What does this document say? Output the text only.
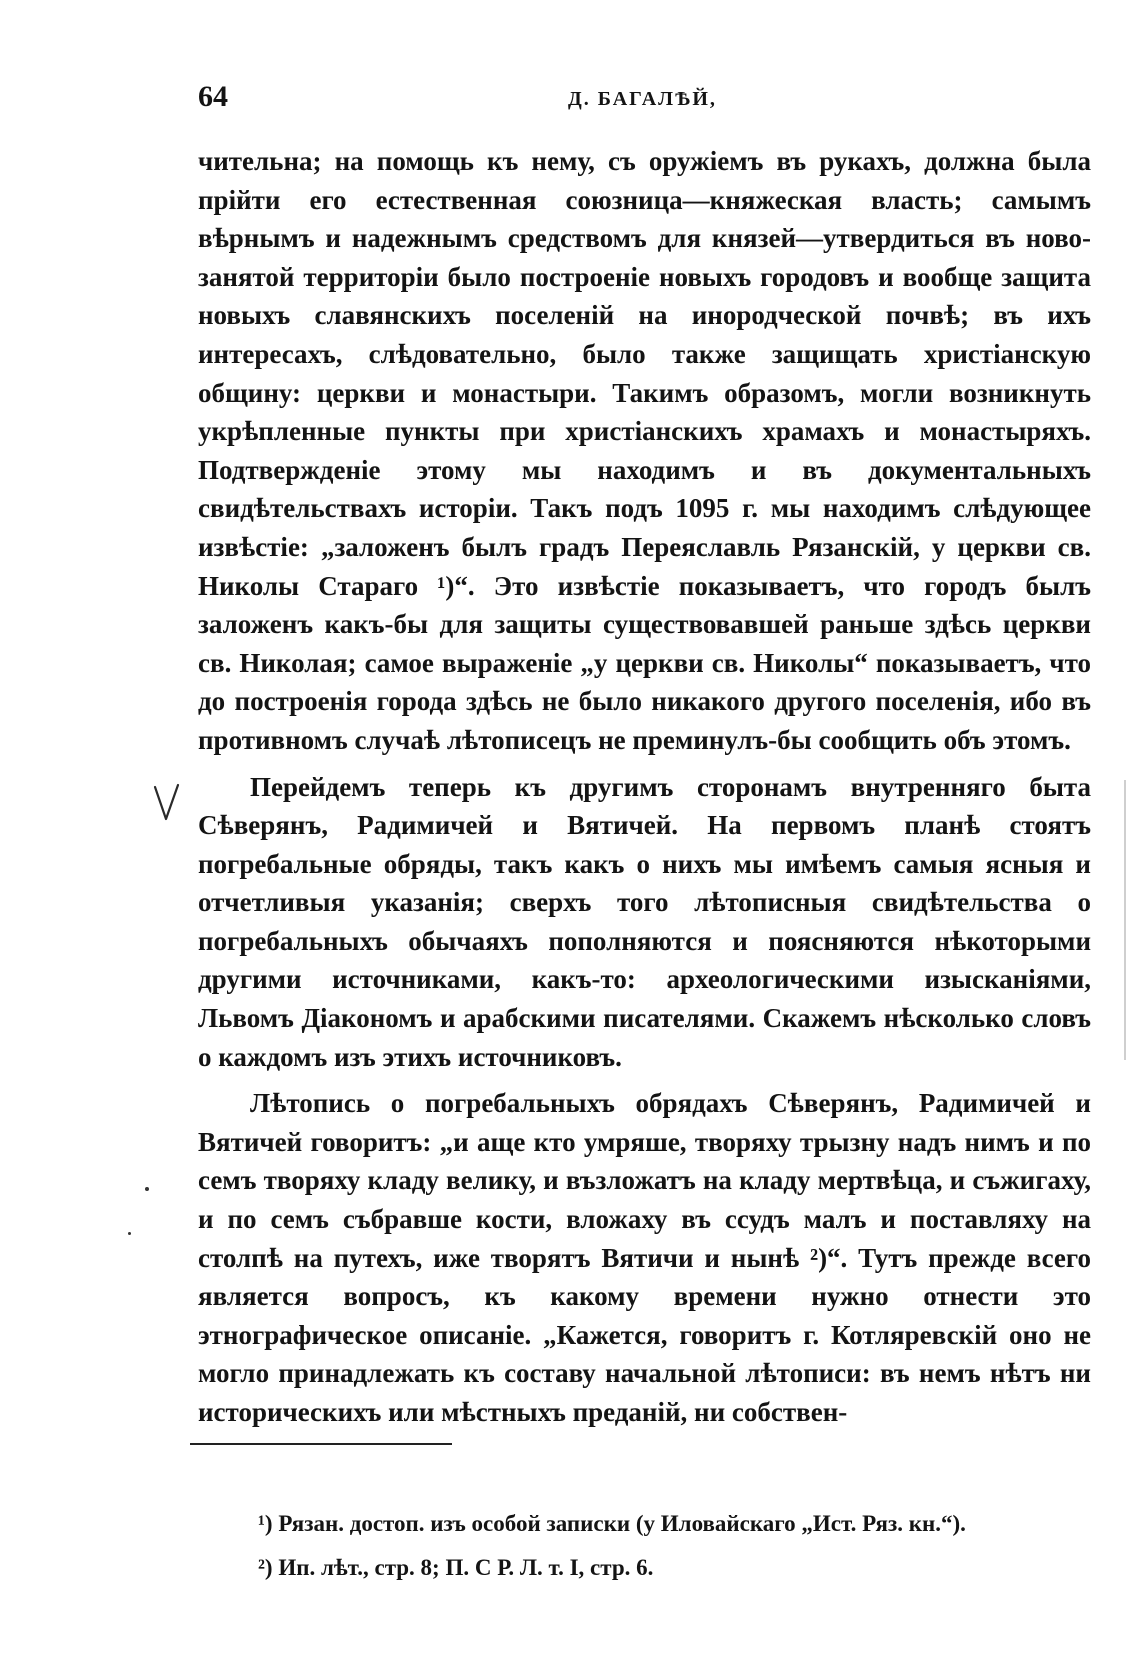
64	Д. БАГАЛѢЙ,

чительна; на помощь къ нему, съ оружіемъ въ рукахъ, должна была прійти его естественная союзница—княжеская власть; самымъ вѣрнымъ и надежнымъ средствомъ для князей—утвердиться въ ново-занятой территоріи было построеніе новыхъ городовъ и вообще защита новыхъ славянскихъ поселеній на инородческой почвѣ; въ ихъ интересахъ, слѣдовательно, было также защищать христіанскую общину: церкви и монастыри. Такимъ образомъ, могли возникнуть укрѣпленные пункты при христіанскихъ храмахъ и монастыряхъ. Подтвержденіе этому мы находимъ и въ документальныхъ свидѣтельствахъ исторіи. Такъ подъ 1095 г. мы находимъ слѣдующее извѣстіе: „заложенъ былъ градъ Переяславль Рязанскій, у церкви св. Николы Стараго ¹)“. Это извѣстіе показываетъ, что городъ былъ заложенъ какъ-бы для защиты существовавшей раньше здѣсь церкви св. Николая; самое выраженіе „у церкви св. Николы“ показываетъ, что до построенія города здѣсь не было никакого другого поселенія, ибо въ противномъ случаѣ лѣтописецъ не преминулъ-бы сообщить объ этомъ.

Перейдемъ теперь къ другимъ сторонамъ внутренняго быта Сѣверянъ, Радимичей и Вятичей. На первомъ планѣ стоятъ погребальные обряды, такъ какъ о нихъ мы имѣемъ самыя ясныя и отчетливыя указанія; сверхъ того лѣтописныя свидѣтельства о погребальныхъ обычаяхъ пополняются и поясняются нѣкоторыми другими источниками, какъ-то: археологическими изысканіями, Львомъ Діакономъ и арабскими писателями. Скажемъ нѣсколько словъ о каждомъ изъ этихъ источниковъ.

Лѣтопись о погребальныхъ обрядахъ Сѣверянъ, Радимичей и Вятичей говоритъ: „и аще кто умряше, творяху трызну надъ нимъ и по семъ творяху кладу велику, и възложатъ на кладу мертвѣца, и съжигаху, и по семъ събравше кости, вложаху въ ссудъ малъ и поставляху на столпѣ на путехъ, иже творятъ Вятичи и нынѣ ²)“. Тутъ прежде всего является вопросъ, къ какому времени нужно отнести это этнографическое описаніе. „Кажется, говоритъ г. Котляревскій оно не могло принадлежать къ составу начальной лѣтописи: въ немъ нѣтъ ни историческихъ или мѣстныхъ преданій, ни собствен-

¹) Рязан. достоп. изъ особой записки (у Иловайскаго „Ист. Ряз. кн.“).
²) Ип. лѣт., стр. 8; П. С Р. Л. т. I, стр. 6.
